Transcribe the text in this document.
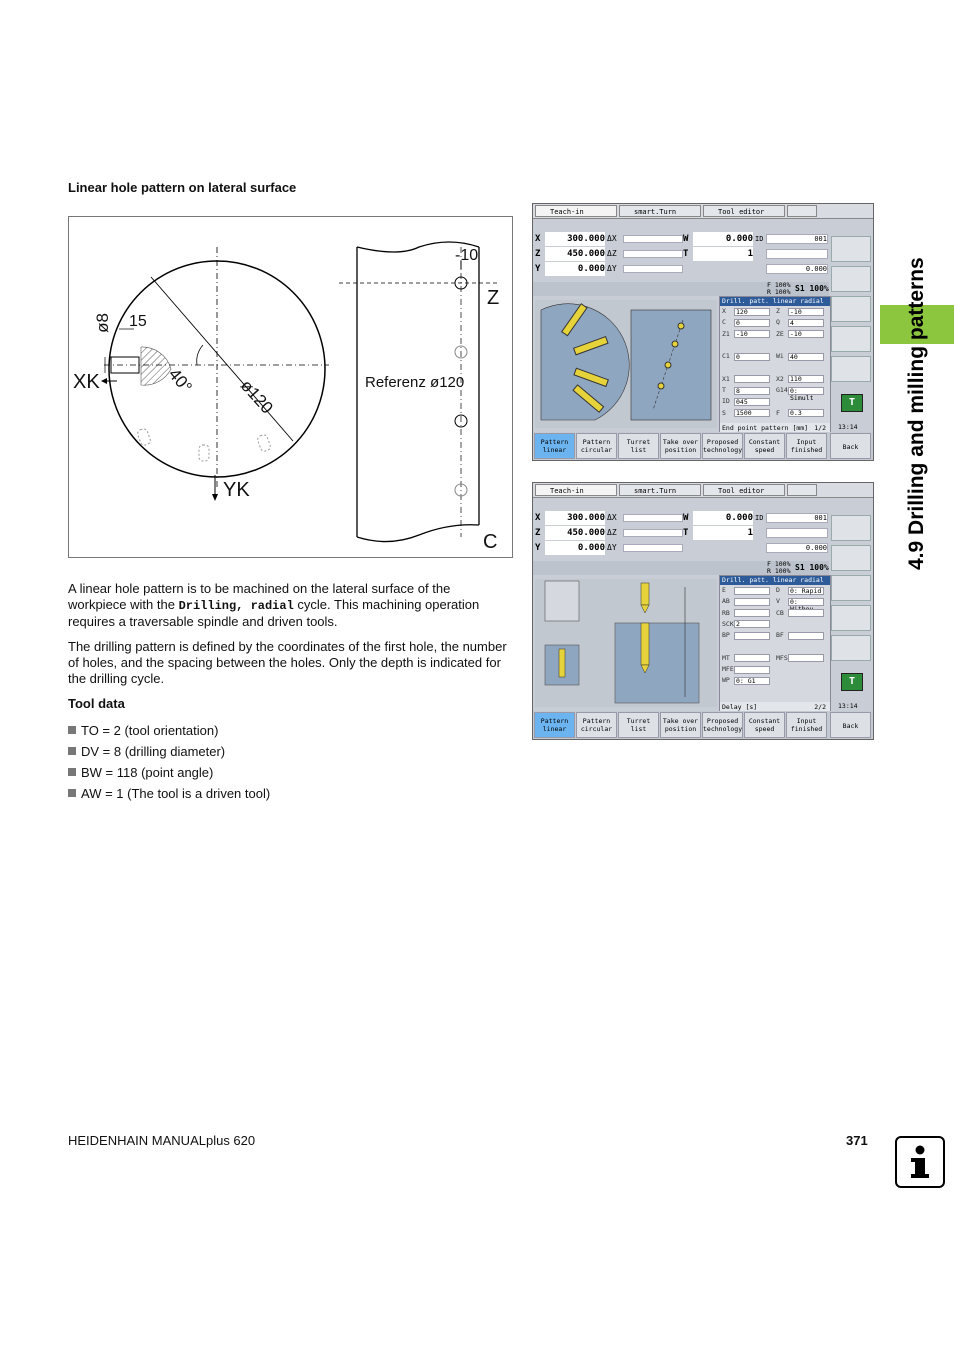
Linear hole pattern on lateral surface
-10
Z
ø8 15
XK	40° ø120
YK
Referenz ø120
C

A linear hole pattern is to be machined on the lateral surface of the workpiece with the Drilling, radial cycle. This machining operation requires a traversable spindle and driven tools.

The drilling pattern is defined by the coordinates of the first hole, the number of holes, and the spacing between the holes. Only the depth is indicated for the drilling cycle.

Tool data
TO = 2 (tool orientation)
DV = 8 (drilling diameter)
BW = 118 (point angle)
AW = 1 (The tool is a driven tool)
Teach-in	smart.Turn	Tool editor
X	300.000 ΔX	W	0.000 ID	001
Z	450.000 ΔZ	T	1
Y	0.000 ΔY	0.000
F 100%
R 100% S1 100%
Drill. patt. linear radial
X	120	Z	-10
C	0	Q	4
Z1 -10	ZE -10
C1 0	Wi 40
X1	X2 110
T	8	G14 0: Simult
ID 045
S	1500	F	0.3
End point pattern [mm] 1/2
T
13:14
Pattern
linear
Pattern
circular
Turret
list
Take over
position
Proposed
technology
Constant
speed
Input
finished	Back
Teach-in	smart.Turn	Tool editor
X	300.000 ΔX	W	0.000 ID	001
Z	450.000 ΔZ	T	1
Y	0.000 ΔY	0.000
F 100%
R 100% S1 100%
Drill. patt. linear radial
E	D	0: Rapid
AB	V	0:
RB	CB
SCK 2
BP	BF
MT	MFS
MFE
WP 0: G1
Delay [s]	2/2
T
13:14
Pattern
linear
Pattern
circular
Turret
list
Take over
position
Proposed
technology
Constant
speed
Input
finished	Back
4.9 Drilling and milling patterns
HEIDENHAIN MANUALplus 620	371
